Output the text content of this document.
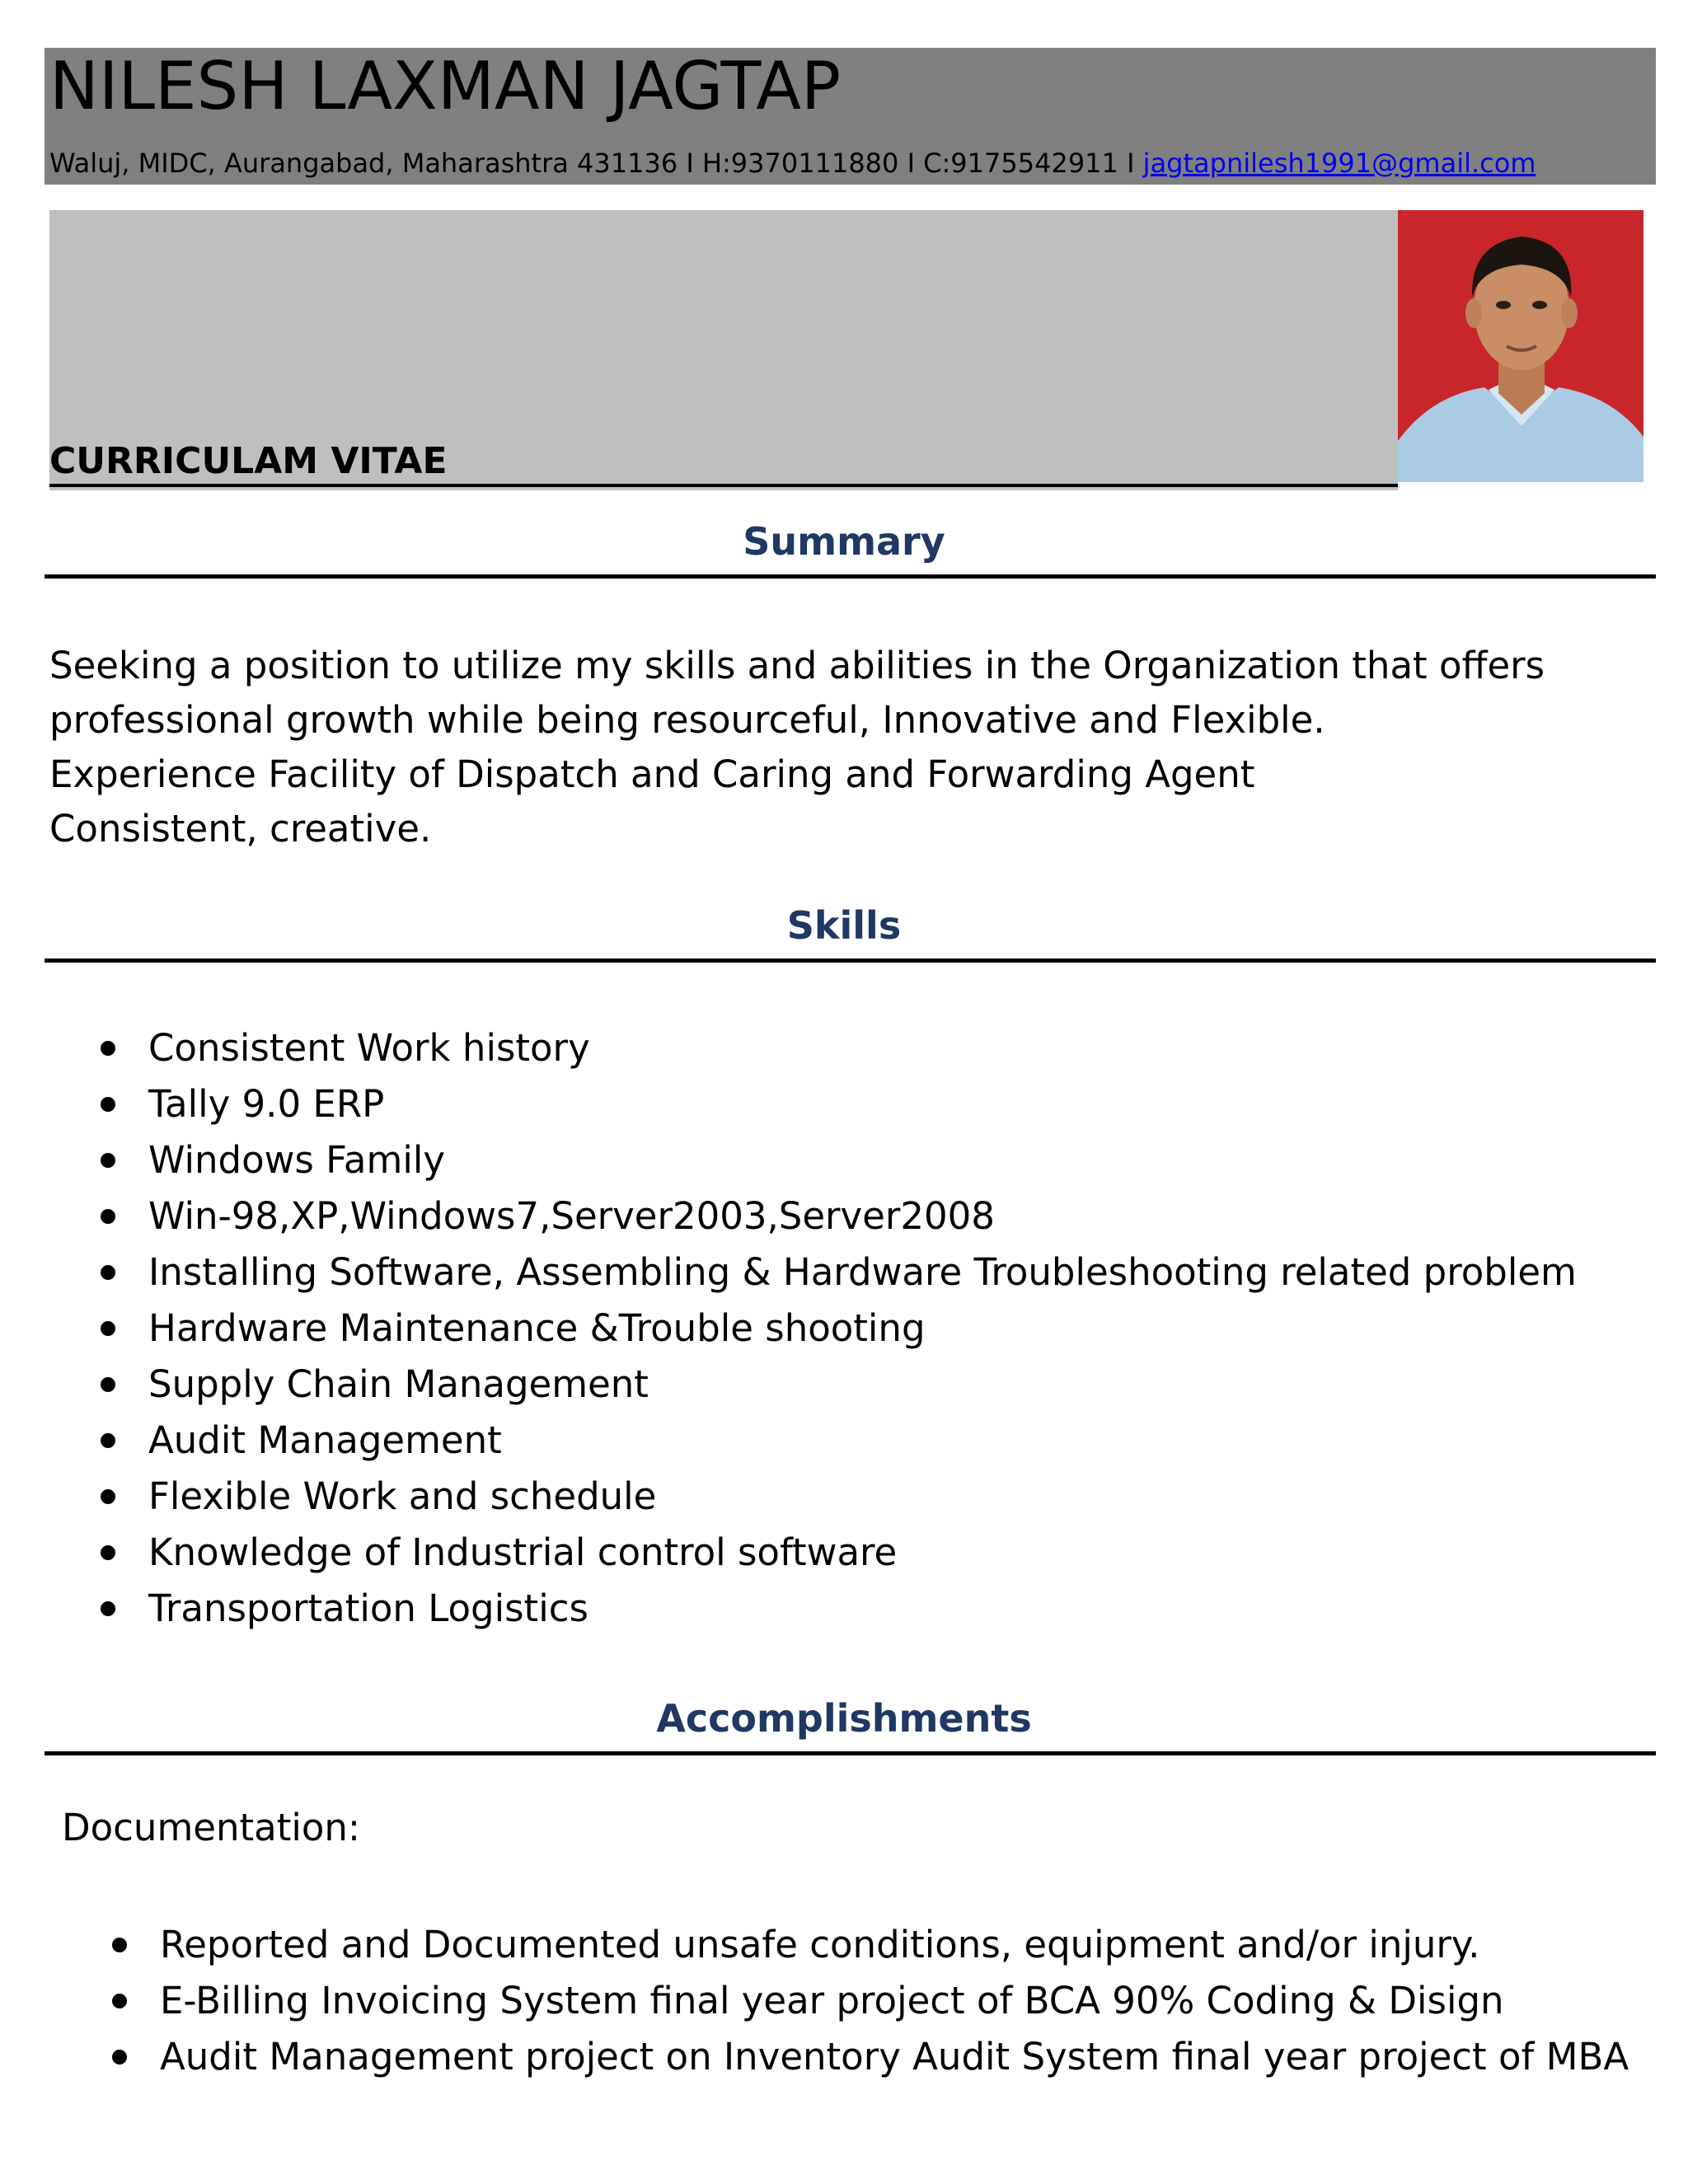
NILESH LAXMAN JAGTAP
Waluj, MIDC, Aurangabad, Maharashtra 431136 I H:9370111880 I C:9175542911 I jagtapnilesh1991@gmail.com
CURRICULAM VITAE
Summary
Seeking a position to utilize my skills and abilities in the Organization that offers
professional growth while being resourceful, Innovative and Flexible.
Experience Facility of Dispatch and Caring and Forwarding Agent
Consistent, creative.
Skills
Consistent Work history
Tally 9.0 ERP
Windows Family
Win-98,XP,Windows7,Server2003,Server2008
Installing Software, Assembling & Hardware Troubleshooting related problem
Hardware Maintenance &Trouble shooting
Supply Chain Management
Audit Management
Flexible Work and schedule
Knowledge of Industrial control software
Transportation Logistics
Accomplishments
Documentation:
Reported and Documented unsafe conditions, equipment and/or injury.
E-Billing Invoicing System final year project of BCA 90% Coding & Disign
Audit Management project on Inventory Audit System final year project of MBA
